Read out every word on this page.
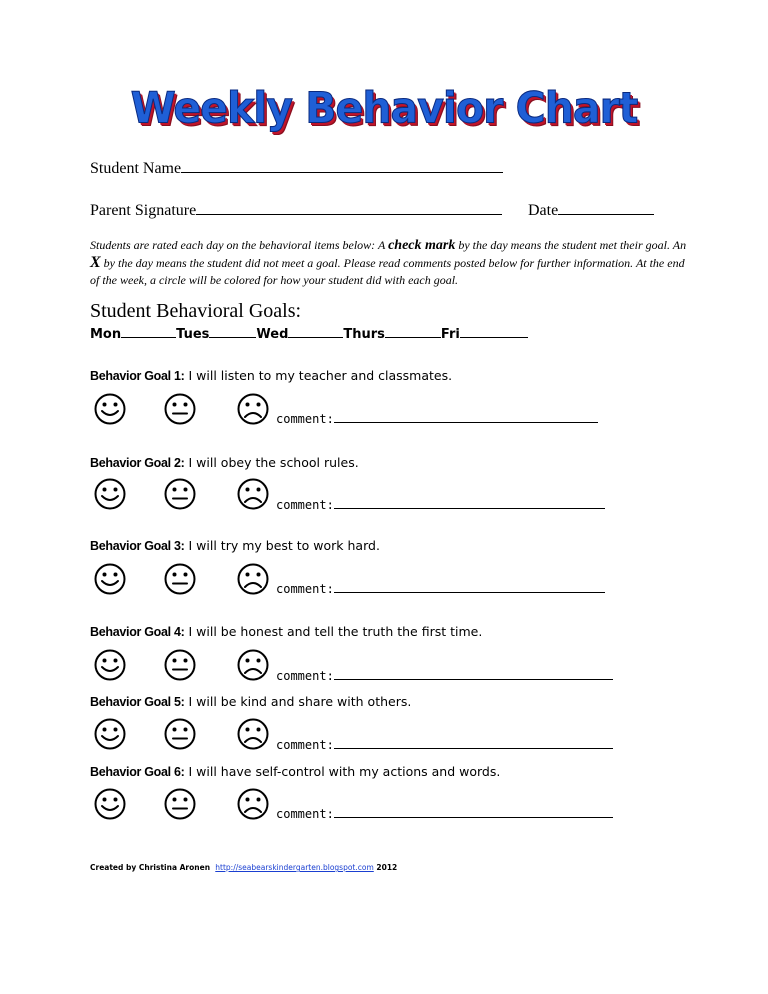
Weekly Behavior Chart
Student Name
Parent Signature	Date
Students are rated each day on the behavioral items below: A check mark by the day means the student met their goal. An X by the day means the student did not meet a goal. Please read comments posted below for further information. At the end of the week, a circle will be colored for how your student did with each goal.
Student Behavioral Goals:
Mon	Tues	Wed	Thurs	Fri
Behavior Goal 1: I will listen to my teacher and classmates.
comment:
Behavior Goal 2: I will obey the school rules.
comment:
Behavior Goal 3: I will try my best to work hard.
comment:
Behavior Goal 4: I will be honest and tell the truth the first time.
comment:
Behavior Goal 5: I will be kind and share with others.
comment:
Behavior Goal 6: I will have self-control with my actions and words.
comment:
Created by Christina Aronen http://seabearskindergarten.blogspot.com 2012
